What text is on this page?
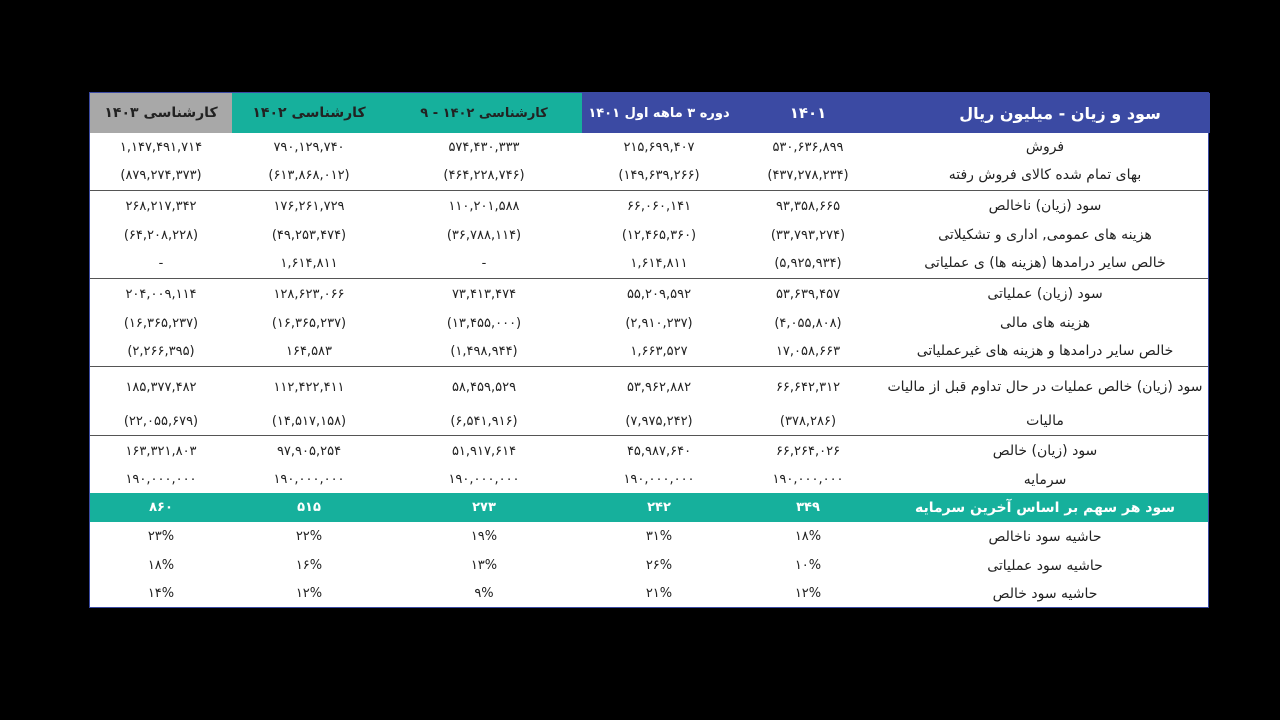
سود و زیان - میلیون ریال
۱۴۰۱
دوره ۳ ماهه اول ۱۴۰۱
۹ - ۱۴۰۲ کارشناسی
۱۴۰۲ کارشناسی
۱۴۰۳ کارشناسی
فروش
۵۳۰,۶۳۶,۸۹۹
۲۱۵,۶۹۹,۴۰۷
۵۷۴,۴۳۰,۳۳۳
۷۹۰,۱۲۹,۷۴۰
۱,۱۴۷,۴۹۱,۷۱۴
بهای تمام شده کالای فروش رفته
(۴۳۷,۲۷۸,۲۳۴)
(۱۴۹,۶۳۹,۲۶۶)
(۴۶۴,۲۲۸,۷۴۶)
(۶۱۳,۸۶۸,۰۱۲)
(۸۷۹,۲۷۴,۳۷۳)
سود (زیان) ناخالص
۹۳,۳۵۸,۶۶۵
۶۶,۰۶۰,۱۴۱
۱۱۰,۲۰۱,۵۸۸
۱۷۶,۲۶۱,۷۲۹
۲۶۸,۲۱۷,۳۴۲
هزینه های عمومی, اداری و تشکیلاتی
(۳۳,۷۹۳,۲۷۴)
(۱۲,۴۶۵,۳۶۰)
(۳۶,۷۸۸,۱۱۴)
(۴۹,۲۵۳,۴۷۴)
(۶۴,۲۰۸,۲۲۸)
خالص سایر درامدها (هزینه ها) ی عملیاتی
(۵,۹۲۵,۹۳۴)
۱,۶۱۴,۸۱۱
-
۱,۶۱۴,۸۱۱
-
سود (زیان) عملیاتی
۵۳,۶۳۹,۴۵۷
۵۵,۲۰۹,۵۹۲
۷۳,۴۱۳,۴۷۴
۱۲۸,۶۲۳,۰۶۶
۲۰۴,۰۰۹,۱۱۴
هزینه های مالی
(۴,۰۵۵,۸۰۸)
(۲,۹۱۰,۲۳۷)
(۱۳,۴۵۵,۰۰۰)
(۱۶,۳۶۵,۲۳۷)
(۱۶,۳۶۵,۲۳۷)
خالص سایر درامدها و هزینه های غیرعملیاتی
۱۷,۰۵۸,۶۶۳
۱,۶۶۳,۵۲۷
(۱,۴۹۸,۹۴۴)
۱۶۴,۵۸۳
(۲,۲۶۶,۳۹۵)
سود (زیان) خالص عملیات در حال تداوم قبل از مالیات
۶۶,۶۴۲,۳۱۲
۵۳,۹۶۲,۸۸۲
۵۸,۴۵۹,۵۲۹
۱۱۲,۴۲۲,۴۱۱
۱۸۵,۳۷۷,۴۸۲
مالیات
(۳۷۸,۲۸۶)
(۷,۹۷۵,۲۴۲)
(۶,۵۴۱,۹۱۶)
(۱۴,۵۱۷,۱۵۸)
(۲۲,۰۵۵,۶۷۹)
سود (زیان) خالص
۶۶,۲۶۴,۰۲۶
۴۵,۹۸۷,۶۴۰
۵۱,۹۱۷,۶۱۴
۹۷,۹۰۵,۲۵۴
۱۶۳,۳۲۱,۸۰۳
سرمایه
۱۹۰,۰۰۰,۰۰۰
۱۹۰,۰۰۰,۰۰۰
۱۹۰,۰۰۰,۰۰۰
۱۹۰,۰۰۰,۰۰۰
۱۹۰,۰۰۰,۰۰۰
سود هر سهم بر اساس آخرین سرمایه
۳۴۹
۲۴۲
۲۷۳
۵۱۵
۸۶۰
حاشیه سود ناخالص
۱۸%
۳۱%
۱۹%
۲۲%
۲۳%
حاشیه سود عملیاتی
۱۰%
۲۶%
۱۳%
۱۶%
۱۸%
حاشیه سود خالص
۱۲%
۲۱%
۹%
۱۲%
۱۴%
